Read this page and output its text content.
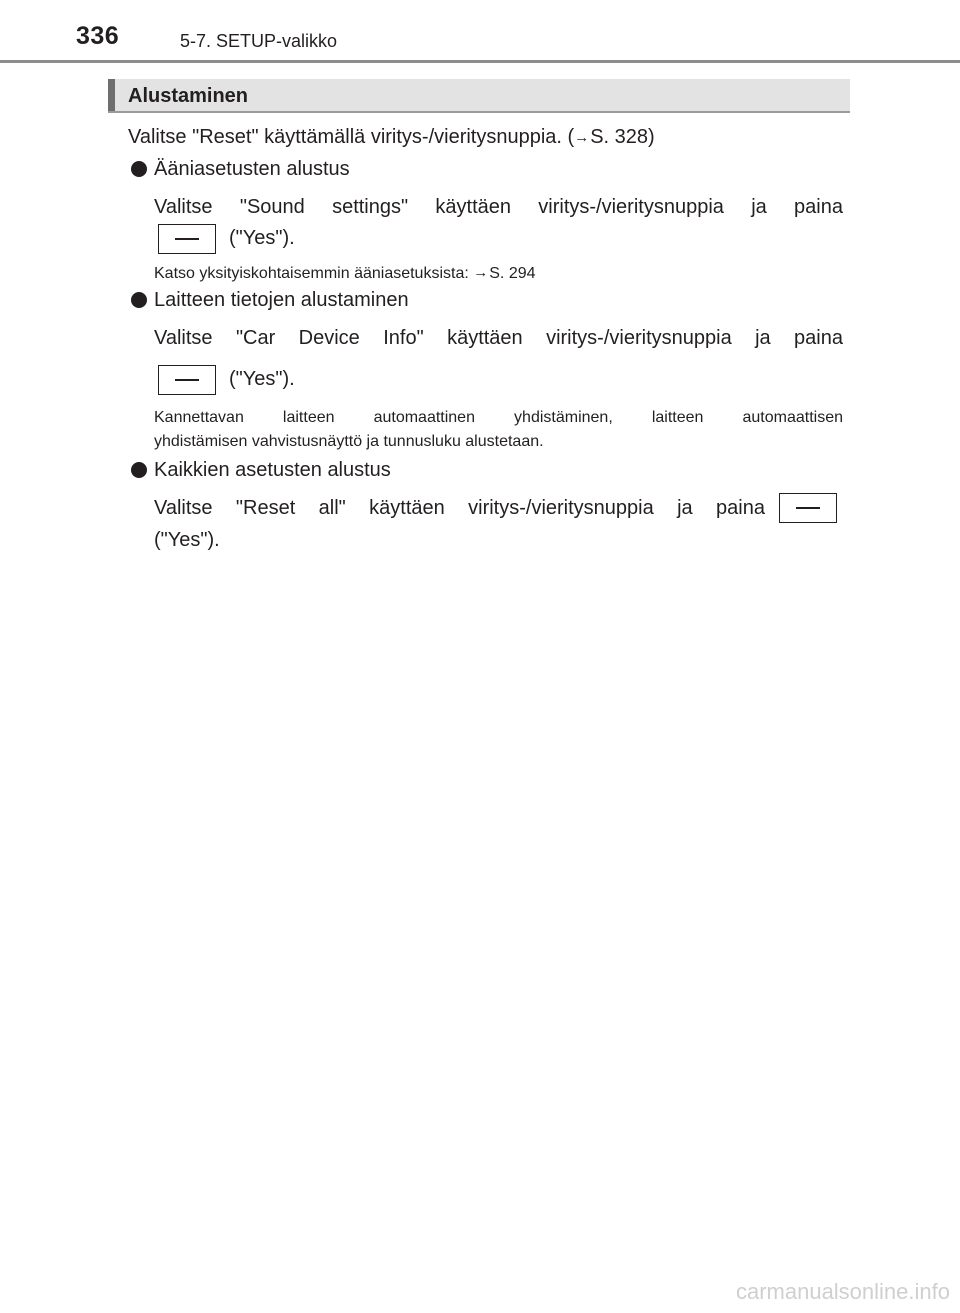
336	5-7. SETUP-valikko
Alustaminen
Valitse "Reset" käyttämällä viritys-/vieritysnuppia. (→S. 328)
Ääniasetusten alustus
Valitse "Sound settings" käyttäen viritys-/vieritysnuppia ja paina
("Yes").
Katso yksityiskohtaisemmin ääniasetuksista: →S. 294
Laitteen tietojen alustaminen
Valitse "Car Device Info" käyttäen viritys-/vieritysnuppia ja paina
("Yes").
Kannettavan laitteen automaattinen yhdistäminen, laitteen automaattisen
yhdistämisen vahvistusnäyttö ja tunnusluku alustetaan.
Kaikkien asetusten alustus
Valitse "Reset all" käyttäen viritys-/vieritysnuppia ja paina
("Yes").
carmanualsonline.info
